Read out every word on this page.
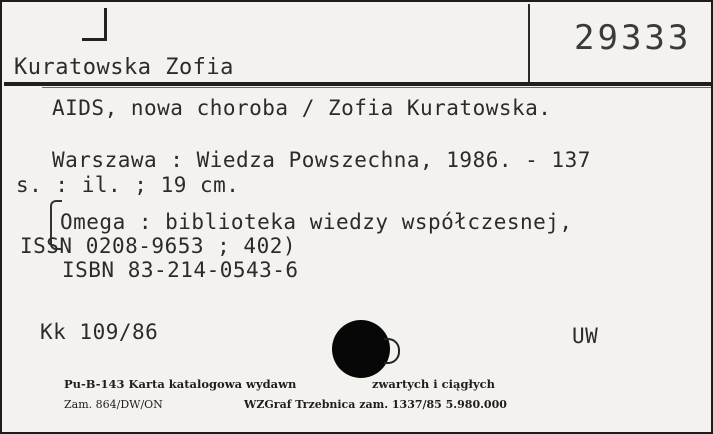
Kuratowska Zofia
29333
AIDS, nowa choroba / Zofia Kuratowska.
Warszawa : Wiedza Powszechna, 1986. - 137
s. : il. ; 19 cm.
Omega : biblioteka wiedzy współczesnej,
ISSN 0208-9653 ; 402)
ISBN 83-214-0543-6
Kk 109/86	UW
Pu-B-143 Karta katalogowa wydawn	zwartych i ciągłych
Zam. 864/DW/ON	WZGraf Trzebnica zam. 1337/85 5.980.000
